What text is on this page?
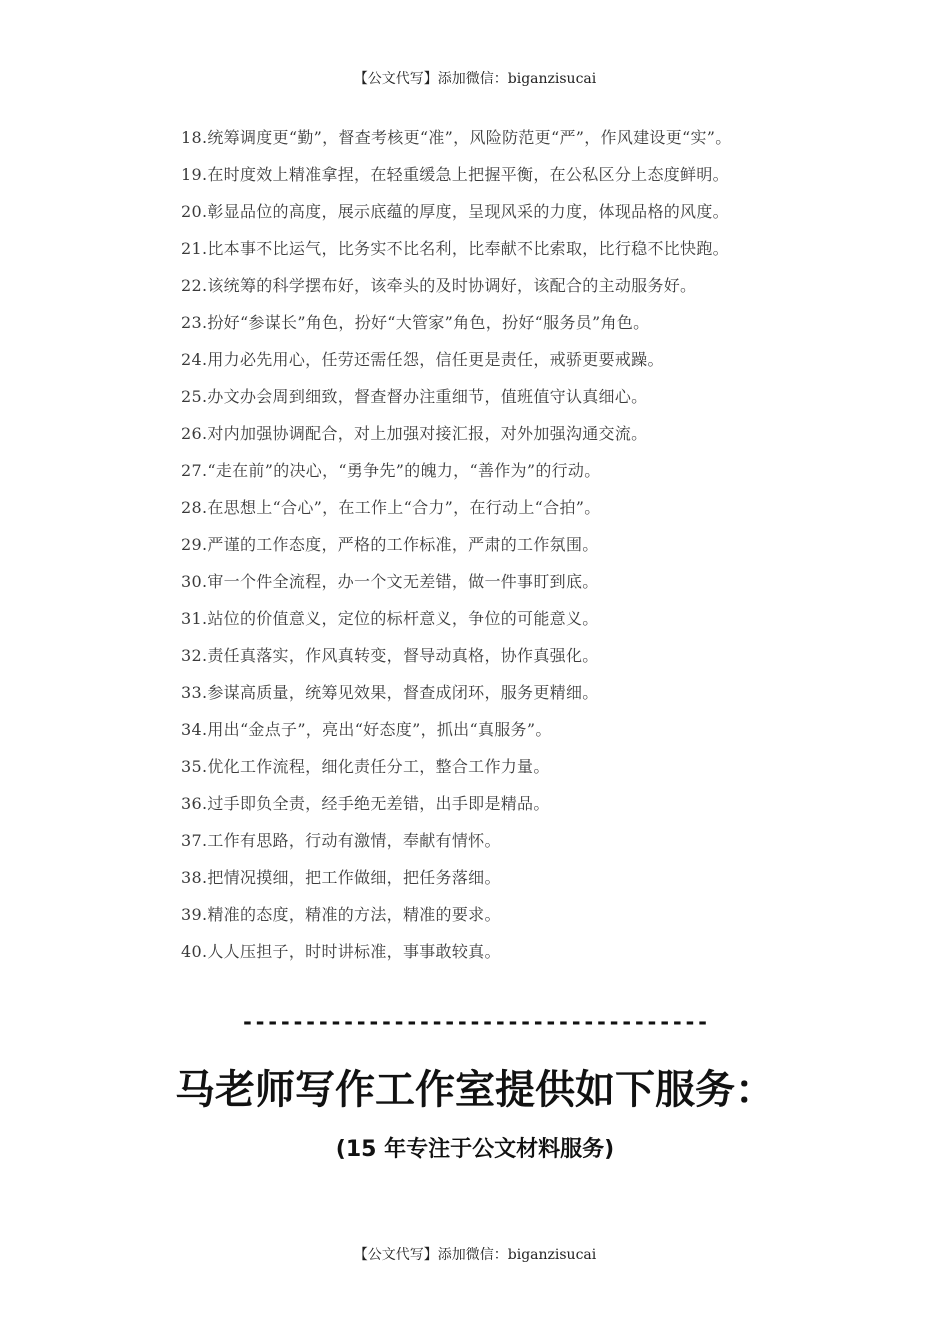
【公文代写】添加微信：biganzisucai

18.统筹调度更“勤”，督查考核更“准”，风险防范更“严”，作风建设更“实”。

19.在时度效上精准拿捏，在轻重缓急上把握平衡，在公私区分上态度鲜明。

20.彰显品位的高度，展示底蕴的厚度，呈现风采的力度，体现品格的风度。

21.比本事不比运气，比务实不比名利，比奉献不比索取，比行稳不比快跑。

22.该统筹的科学摆布好，该牵头的及时协调好，该配合的主动服务好。

23.扮好“参谋长”角色，扮好“大管家”角色，扮好“服务员”角色。

24.用力必先用心，任劳还需任怨，信任更是责任，戒骄更要戒躁。

25.办文办会周到细致，督查督办注重细节，值班值守认真细心。

26.对内加强协调配合，对上加强对接汇报，对外加强沟通交流。

27.“走在前”的决心，“勇争先”的魄力，“善作为”的行动。

28.在思想上“合心”，在工作上“合力”，在行动上“合拍”。

29.严谨的工作态度，严格的工作标准，严肃的工作氛围。

30.审一个件全流程，办一个文无差错，做一件事盯到底。

31.站位的价值意义，定位的标杆意义，争位的可能意义。

32.责任真落实，作风真转变，督导动真格，协作真强化。

33.参谋高质量，统筹见效果，督查成闭环，服务更精细。

34.用出“金点子”，亮出“好态度”，抓出“真服务”。

35.优化工作流程，细化责任分工，整合工作力量。

36.过手即负全责，经手绝无差错，出手即是精品。

37.工作有思路，行动有激情，奉献有情怀。

38.把情况摸细，把工作做细，把任务落细。

39.精准的态度，精准的方法，精准的要求。

40.人人压担子，时时讲标准，事事敢较真。

-------------------------------------
马老师写作工作室提供如下服务：
(15 年专注于公文材料服务)
【公文代写】添加微信：biganzisucai
